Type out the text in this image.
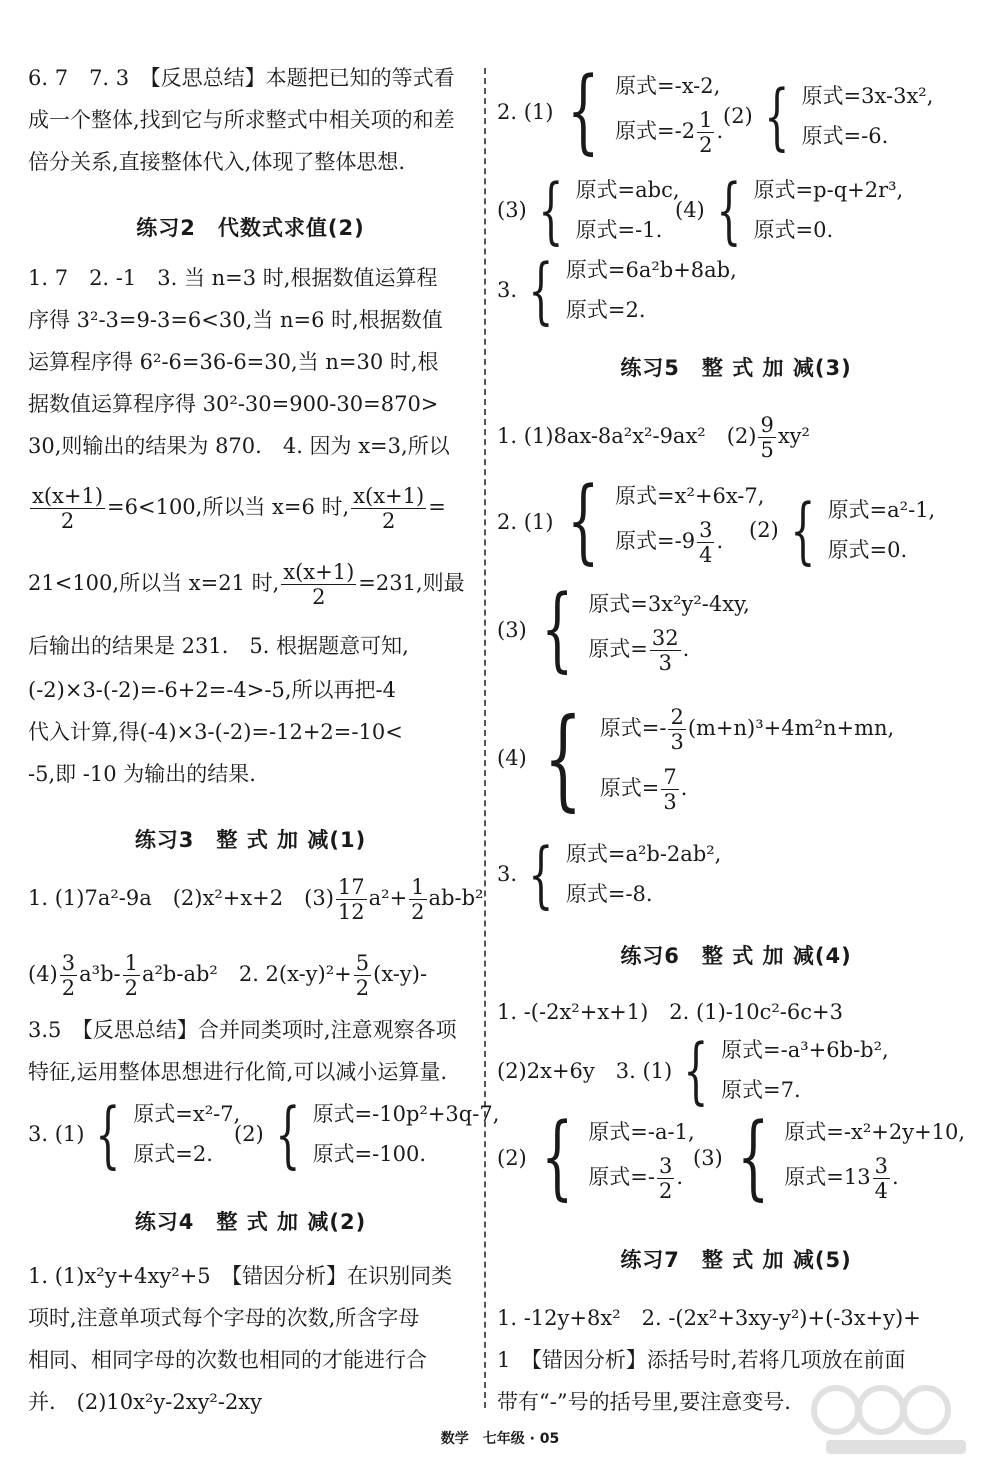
6. 7　7. 3　【反思总结】本题把已知的等式看
成一个整体,找到它与所求整式中相关项的和差
倍分关系,直接整体代入,体现了整体思想.
练习2　代数式求值(2)
1. 7　2. -1　3. 当 n=3 时,根据数值运算程
序得 3²-3=9-3=6<30,当 n=6 时,根据数值
运算程序得 6²-6=36-6=30,当 n=30 时,根
据数值运算程序得 30²-30=900-30=870>
30,则输出的结果为 870.　4. 因为 x=3,所以
$\frac{x(x+1)}{2} =6<100$,所以当 x=6 时, $\frac{x(x+1)}{2}$ =
21<100,所以当 x=21 时, $\frac{x(x+1)}{2} =231$,则最
后输出的结果是 231.　5. 根据题意可知,
(-2)×3-(-2)=-6+2=-4>-5,所以再把-4
代入计算,得(-4)×3-(-2)=-12+2=-10<
-5,即 -10 为输出的结果.
练习3　整 式 加 减(1)
1. (1)7a²-9a　(2)x²+x+2　$(3) \frac{17}{12} a^2+ \frac{1}{2} ab-b^2$
$(4) \frac{3}{2} a^3b- \frac{1}{2} a^2b-ab^2$　2. $2(x-y)^2+ \frac{5}{2} (x-y)-$
3.5　【反思总结】合并同类项时,注意观察各项
特征,运用整体思想进行化简,可以减小运算量.
3. (1) { 原式=x²-7,
原式=2.
(2) { 原式=-10p²+3q-7,
原式=-100.
练习4　整 式 加 减(2)
1. (1)x²y+4xy²+5　【错因分析】在识别同类
项时,注意单项式每个字母的次数,所含字母
相同、相同字母的次数也相同的才能进行合
并.　(2)10x²y-2xy²-2xy
2. (1) { 原式=-x-2,
原式$=-2 \frac{1}{2}$ .
(2) { 原式=3x-3x²,
原式=-6.
(3) { 原式=abc,
原式=-1.
(4) { 原式=p-q+2r³,
原式=0.
3. { 原式=6a²b+8ab,
原式=2.
练习5　整 式 加 减(3)
1. (1)8ax-8a²x²-9ax²　$(2) \frac{9}{5} xy^2$
2. (1) { 原式=x²+6x-7,
原式$=-9 \frac{3}{4}$ .	(2) { 原式=a²-1,
原式=0.
(3) { 原式=3x²y²-4xy,
原式= $\frac{32}{3}$ .
(4) { 原式=- $\frac{2}{3} (m+n)^3+4m^2n+mn$,
原式= $\frac{7}{3}$ .
3. { 原式=a²b-2ab²,
原式=-8.
练习6　整 式 加 减(4)
1. -(-2x²+x+1)　2. (1)-10c²-6c+3
(2)2x+6y　3. (1) { 原式=-a³+6b-b²,
原式=7.
(2) { 原式=-a-1,
原式=- $\frac{3}{2}$ .
(3) { 原式=-x²+2y+10,
原式$=13 \frac{3}{4}$ .
练习7　整 式 加 减(5)
1. -12y+8x²　2. -(2x²+3xy-y²)+(-3x+y)+
1　【错因分析】添括号时,若将几项放在前面
带有“-”号的括号里,要注意变号.
数学　七年级 · 05
